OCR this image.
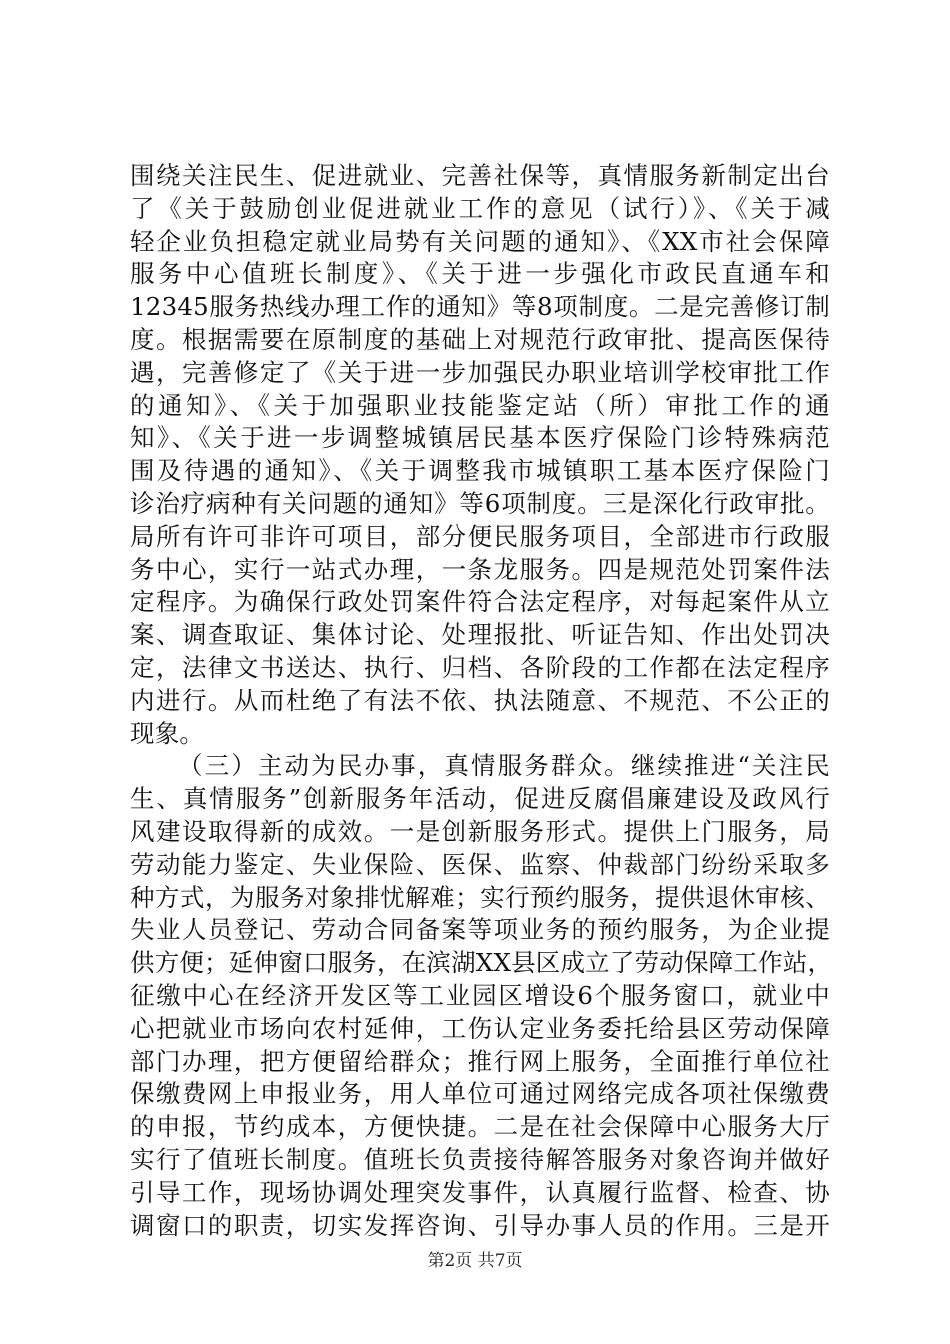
围绕关注民生、促进就业、完善社保等，真情服务新制定出台
了《关于鼓励创业促进就业工作的意见（试行）》、《关于减
轻企业负担稳定就业局势有关问题的通知》、《XX市社会保障
服务中心值班长制度》、《关于进一步强化市政民直通车和
12345服务热线办理工作的通知》等8项制度。二是完善修订制
度。根据需要在原制度的基础上对规范行政审批、提高医保待
遇，完善修定了《关于进一步加强民办职业培训学校审批工作
的通知》、《关于加强职业技能鉴定站（所）审批工作的通
知》、《关于进一步调整城镇居民基本医疗保险门诊特殊病范
围及待遇的通知》、《关于调整我市城镇职工基本医疗保险门
诊治疗病种有关问题的通知》等6项制度。三是深化行政审批。
局所有许可非许可项目，部分便民服务项目，全部进市行政服
务中心，实行一站式办理，一条龙服务。四是规范处罚案件法
定程序。为确保行政处罚案件符合法定程序，对每起案件从立
案、调查取证、集体讨论、处理报批、听证告知、作出处罚决
定，法律文书送达、执行、归档、各阶段的工作都在法定程序
内进行。从而杜绝了有法不依、执法随意、不规范、不公正的
现象。
（三）主动为民办事，真情服务群众。继续推进“关注民
生、真情服务”创新服务年活动，促进反腐倡廉建设及政风行
风建设取得新的成效。一是创新服务形式。提供上门服务，局
劳动能力鉴定、失业保险、医保、监察、仲裁部门纷纷采取多
种方式，为服务对象排忧解难；实行预约服务，提供退休审核、
失业人员登记、劳动合同备案等项业务的预约服务，为企业提
供方便；延伸窗口服务，在滨湖XX县区成立了劳动保障工作站，
征缴中心在经济开发区等工业园区增设6个服务窗口，就业中
心把就业市场向农村延伸，工伤认定业务委托给县区劳动保障
部门办理，把方便留给群众；推行网上服务，全面推行单位社
保缴费网上申报业务，用人单位可通过网络完成各项社保缴费
的申报，节约成本，方便快捷。二是在社会保障中心服务大厅
实行了值班长制度。值班长负责接待解答服务对象咨询并做好
引导工作，现场协调处理突发事件，认真履行监督、检查、协
调窗口的职责，切实发挥咨询、引导办事人员的作用。三是开
第2页 共7页
